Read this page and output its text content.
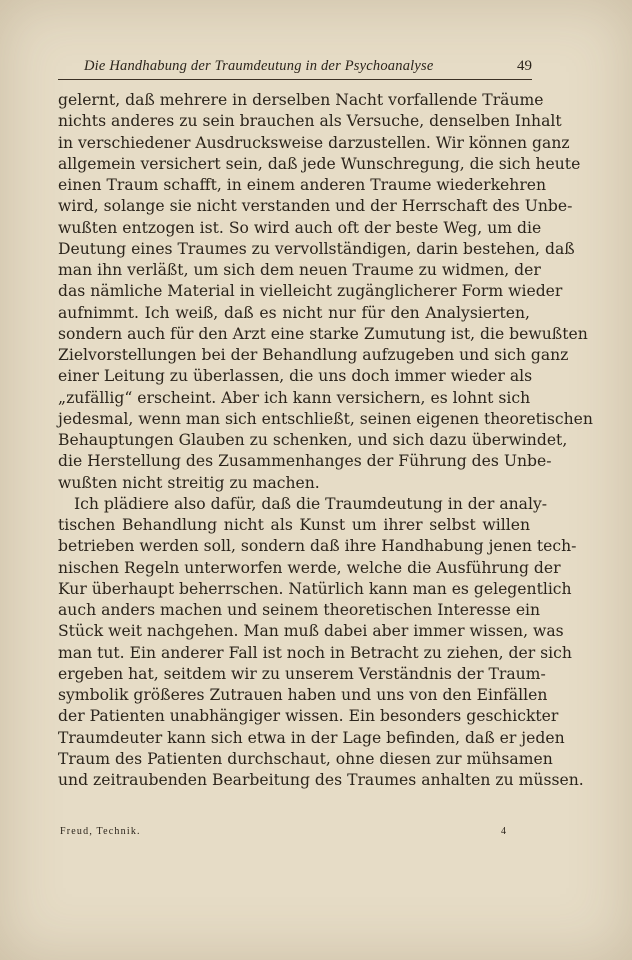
Die Handhabung der Traumdeutung in der Psychoanalyse	49
gelernt, daß mehrere in derselben Nacht vorfallende Träume
nichts anderes zu sein brauchen als Versuche, denselben Inhalt
in verschiedener Ausdrucksweise darzustellen. Wir können ganz
allgemein versichert sein, daß jede Wunschregung, die sich heute
einen Traum schafft, in einem anderen Traume wiederkehren
wird, solange sie nicht verstanden und der Herrschaft des Unbe-
wußten entzogen ist. So wird auch oft der beste Weg, um die
Deutung eines Traumes zu vervollständigen, darin bestehen, daß
man ihn verläßt, um sich dem neuen Traume zu widmen, der
das nämliche Material in vielleicht zugänglicherer Form wieder
aufnimmt. Ich weiß, daß es nicht nur für den Analysierten,
sondern auch für den Arzt eine starke Zumutung ist, die bewußten
Zielvorstellungen bei der Behandlung aufzugeben und sich ganz
einer Leitung zu überlassen, die uns doch immer wieder als
„zufällig“ erscheint. Aber ich kann versichern, es lohnt sich
jedesmal, wenn man sich entschließt, seinen eigenen theoretischen
Behauptungen Glauben zu schenken, und sich dazu überwindet,
die Herstellung des Zusammenhanges der Führung des Unbe-
wußten nicht streitig zu machen.
Ich plädiere also dafür, daß die Traumdeutung in der analy-
tischen Behandlung nicht als Kunst um ihrer selbst willen
betrieben werden soll, sondern daß ihre Handhabung jenen tech-
nischen Regeln unterworfen werde, welche die Ausführung der
Kur überhaupt beherrschen. Natürlich kann man es gelegentlich
auch anders machen und seinem theoretischen Interesse ein
Stück weit nachgehen. Man muß dabei aber immer wissen, was
man tut. Ein anderer Fall ist noch in Betracht zu ziehen, der sich
ergeben hat, seitdem wir zu unserem Verständnis der Traum-
symbolik größeres Zutrauen haben und uns von den Einfällen
der Patienten unabhängiger wissen. Ein besonders geschickter
Traumdeuter kann sich etwa in der Lage befinden, daß er jeden
Traum des Patienten durchschaut, ohne diesen zur mühsamen
und zeitraubenden Bearbeitung des Traumes anhalten zu müssen.
Freud, Technik.	4
